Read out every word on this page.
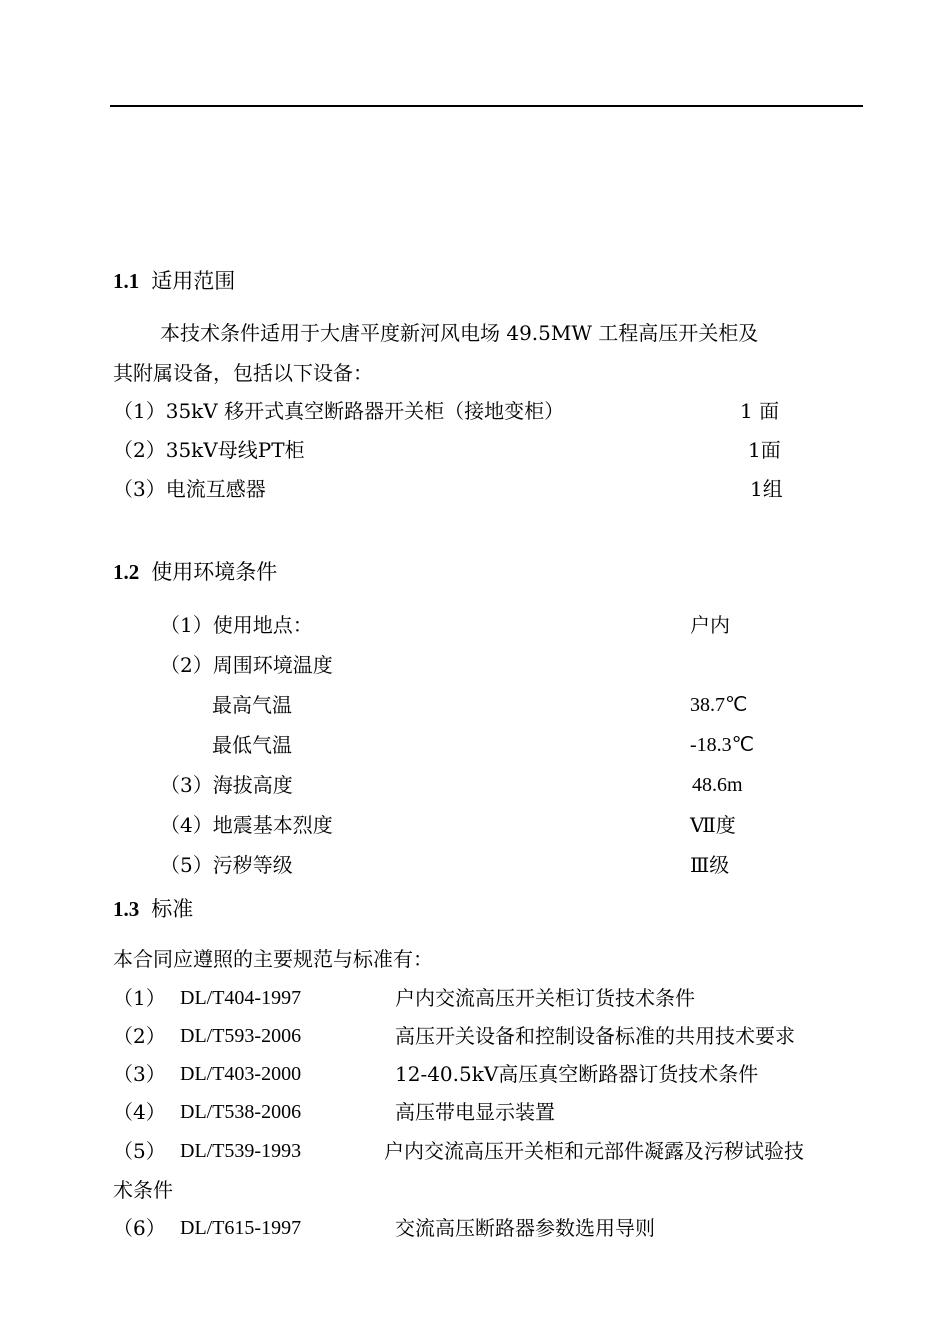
1.1 适用范围
本技术条件适用于大唐平度新河风电场 49.5MW 工程高压开关柜及
其附属设备，包括以下设备：
（1）35kV 移开式真空断路器开关柜（接地变柜）	1 面
（2）35kV母线PT柜	1面
（3）电流互感器	1组
1.2 使用环境条件
（1）使用地点：	户内
（2）周围环境温度
最高气温	38.7℃
最低气温	-18.3℃
（3）海拔高度	48.6m
（4）地震基本烈度	Ⅶ度
（5）污秽等级	Ⅲ级
1.3 标准
本合同应遵照的主要规范与标准有：
（1） DL/T404-1997	户内交流高压开关柜订货技术条件
（2） DL/T593-2006	高压开关设备和控制设备标准的共用技术要求
（3） DL/T403-2000	12-40.5kV高压真空断路器订货技术条件
（4） DL/T538-2006	高压带电显示装置
（5） DL/T539-1993	户内交流高压开关柜和元部件凝露及污秽试验技
术条件
（6） DL/T615-1997	交流高压断路器参数选用导则
